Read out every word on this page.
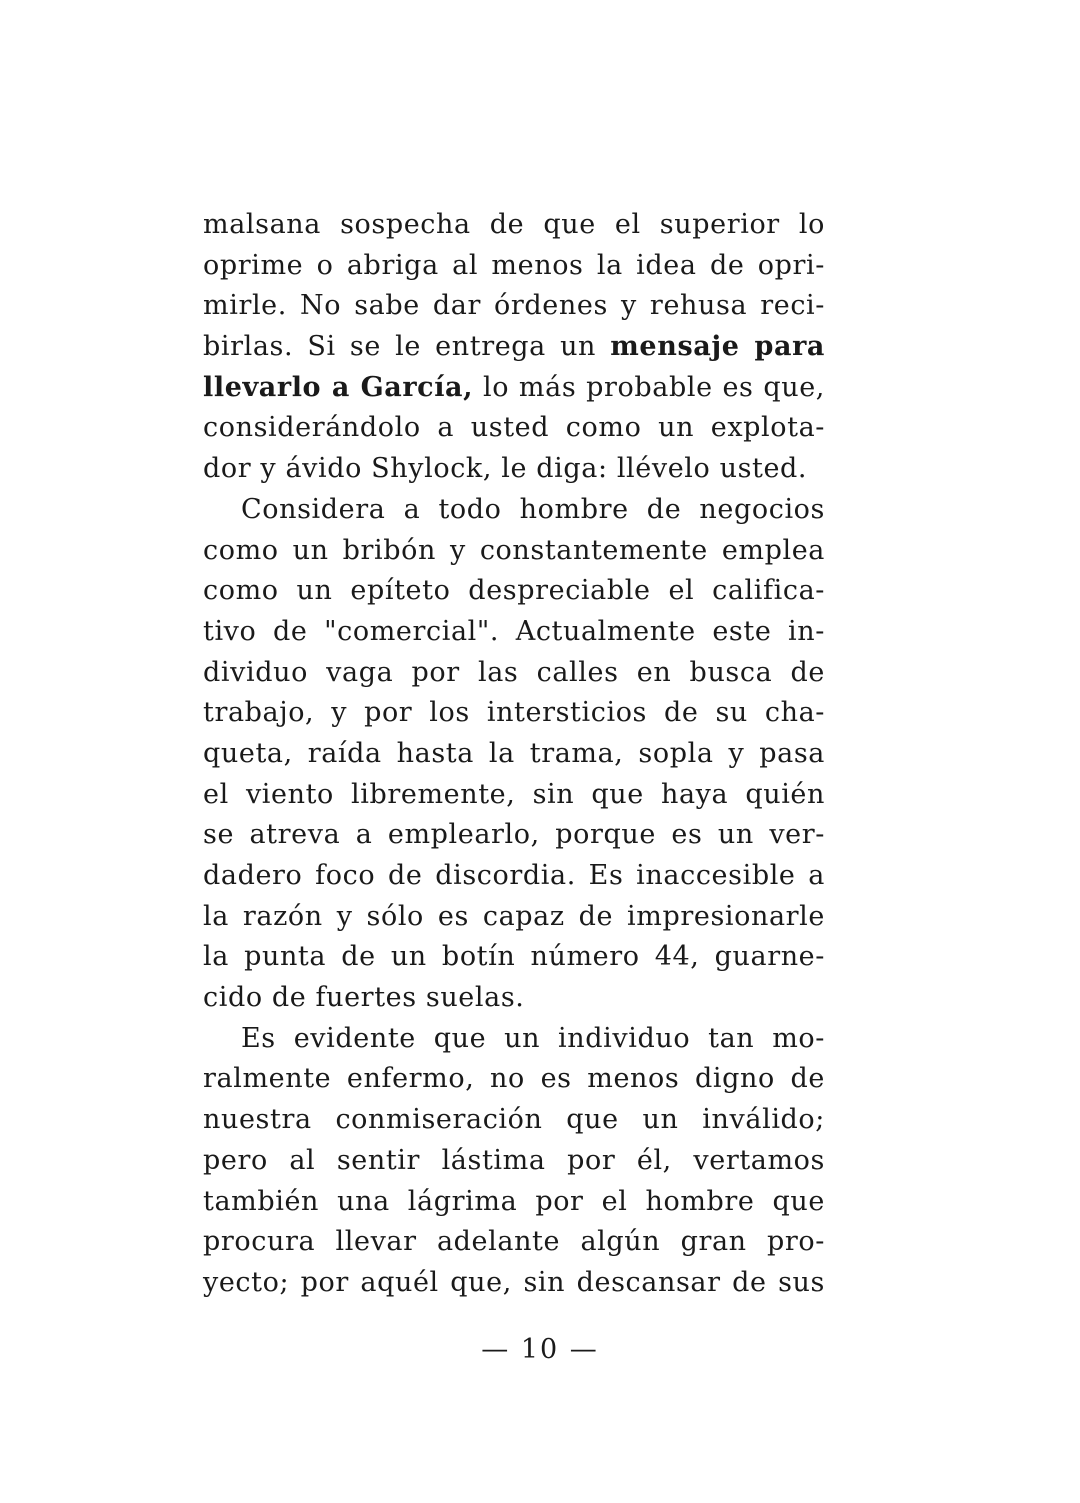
malsana sospecha de que el superior lo
oprime o abriga al menos la idea de opri-
mirle. No sabe dar órdenes y rehusa reci-
birlas. Si se le entrega un mensaje para
llevarlo a García, lo más probable es que,
considerándolo a usted como un explota-
dor y ávido Shylock, le diga: llévelo usted.
Considera a todo hombre de negocios
como un bribón y constantemente emplea
como un epíteto despreciable el califica-
tivo de "comercial". Actualmente este in-
dividuo vaga por las calles en busca de
trabajo, y por los intersticios de su cha-
queta, raída hasta la trama, sopla y pasa
el viento libremente, sin que haya quién
se atreva a emplearlo, porque es un ver-
dadero foco de discordia. Es inaccesible a
la razón y sólo es capaz de impresionarle
la punta de un botín número 44, guarne-
cido de fuertes suelas.
Es evidente que un individuo tan mo-
ralmente enfermo, no es menos digno de
nuestra conmiseración que un inválido;
pero al sentir lástima por él, vertamos
también una lágrima por el hombre que
procura llevar adelante algún gran pro-
yecto; por aquél que, sin descansar de sus
— 10 —
